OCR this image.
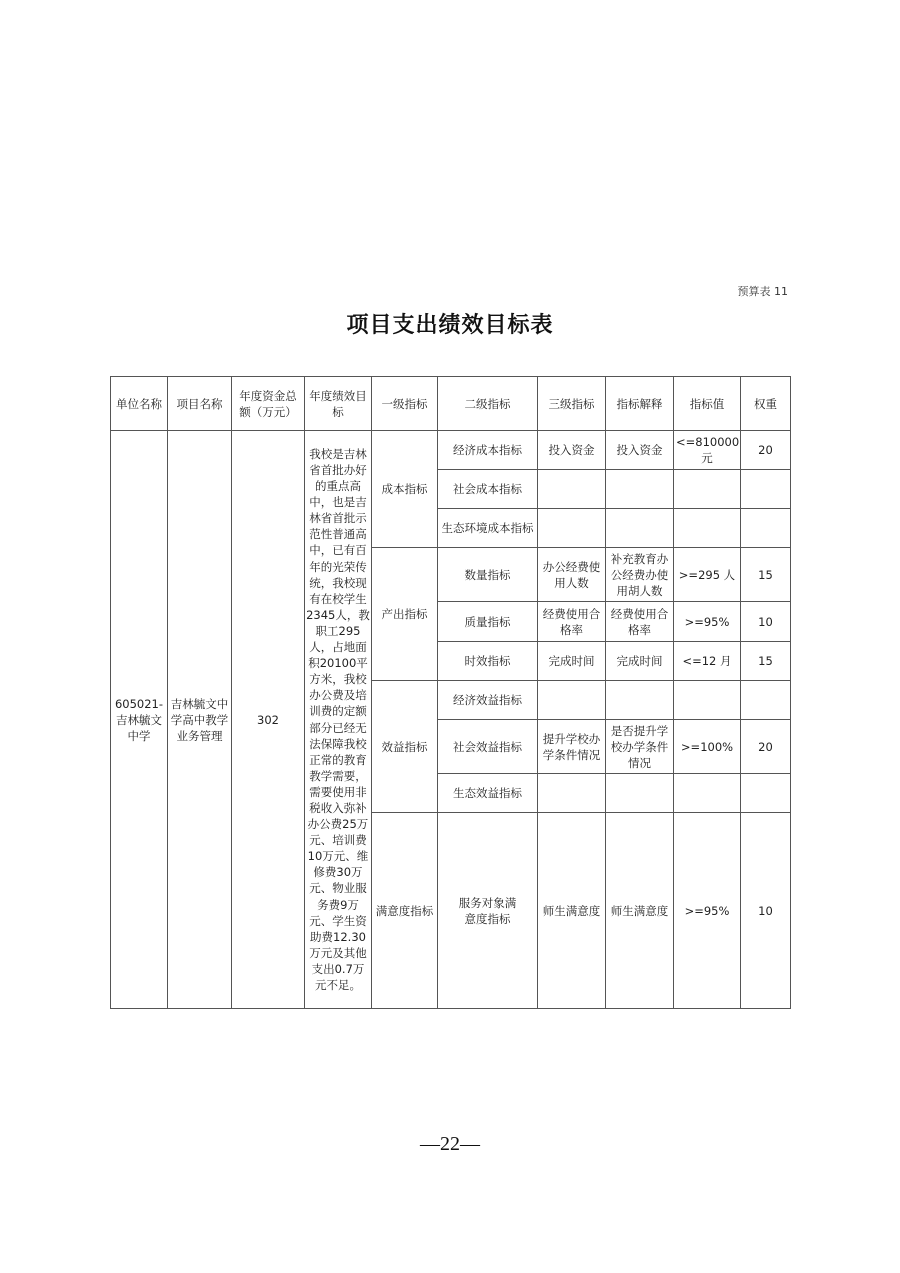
预算表 11
项目支出绩效目标表
单位名称	项目名称	年度资金总额（万元）	年度绩效目标	一级指标	二级指标	三级指标	指标解释	指标值	权重
605021-吉林毓文中学	吉林毓文中学高中教学业务管理	302	我校是吉林省首批办好的重点高中，也是吉林省首批示范性普通高中，已有百年的光荣传统，我校现有在校学生2345人，教职工295人，占地面积20100平方米，我校办公费及培训费的定额部分已经无法保障我校正常的教育教学需要，需要使用非税收入弥补办公费25万元、培训费10万元、维修费30万元、物业服务费9万元、学生资助费12.30万元及其他支出0.7万元不足。	成本指标	经济成本指标	投入资金	投入资金	<=810000元	20
					社会成本指标				
					生态环境成本指标				
				产出指标	数量指标	办公经费使用人数	补充教育办公经费办使用胡人数	>=295 人	15
					质量指标	经费使用合格率	经费使用合格率	>=95%	10
					时效指标	完成时间	完成时间	<=12 月	15
				效益指标	经济效益指标				
					社会效益指标	提升学校办学条件情况	是否提升学校办学条件情况	>=100%	20
					生态效益指标				
				满意度指标	服务对象满意度指标	师生满意度	师生满意度	>=95%	10
—22—
